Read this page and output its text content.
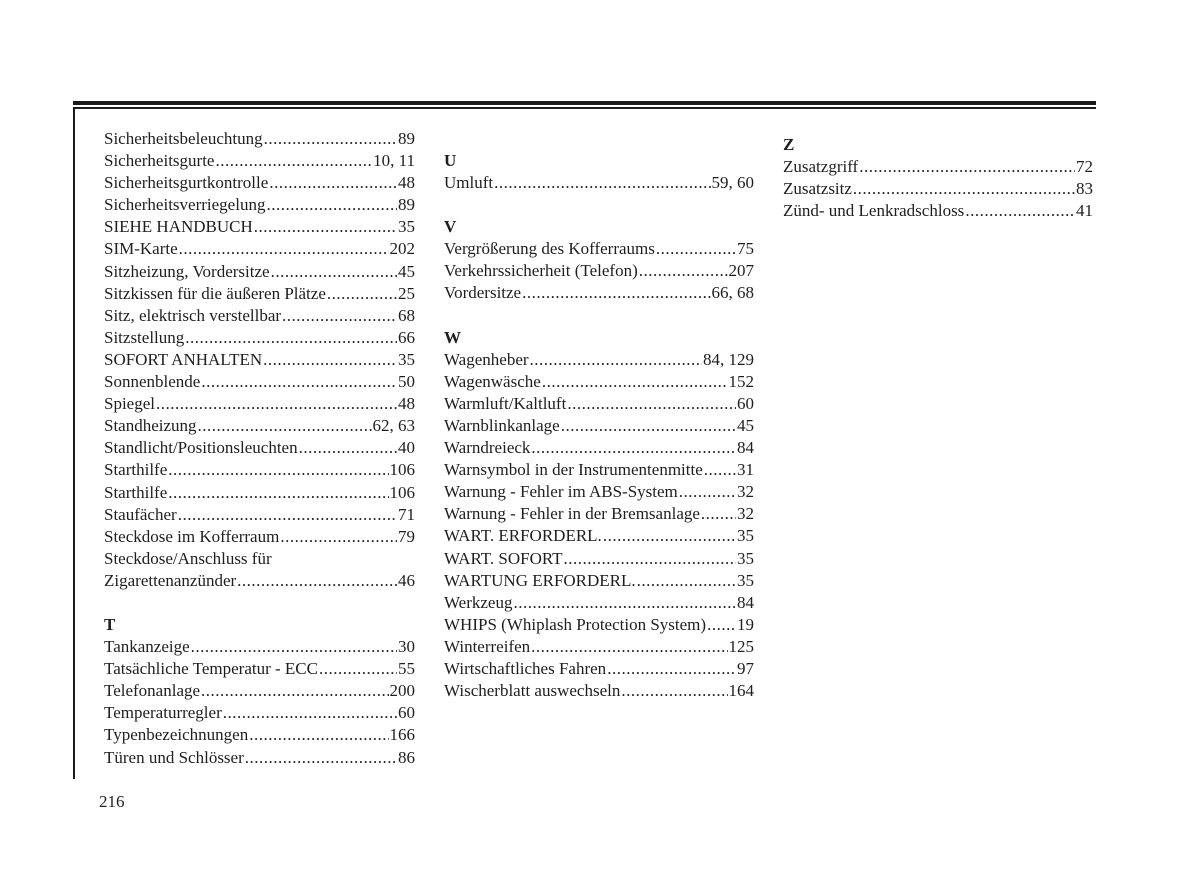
Sicherheitsbeleuchtung .....	89
Sicherheitsgurte .....	10, 11
Sicherheitsgurtkontrolle .....	48
Sicherheitsverriegelung .....	89
SIEHE HANDBUCH .....	35
SIM-Karte .....	202
Sitzheizung, Vordersitze .....	45
Sitzkissen für die äußeren Plätze .....	25
Sitz, elektrisch verstellbar .....	68
Sitzstellung .....	66
SOFORT ANHALTEN .....	35
Sonnenblende .....	50
Spiegel .....	48
Standheizung .....	62, 63
Standlicht/Positionsleuchten .....	40
Starthilfe .....	106
Starthilfe .....	106
Staufächer .....	71
Steckdose im Kofferraum .....	79
Steckdose/Anschluss für
Zigarettenanzünder .....	46
T
Tankanzeige .....	30
Tatsächliche Temperatur - ECC .....	55
Telefonanlage .....	200
Temperaturregler .....	60
Typenbezeichnungen .....	166
Türen und Schlösser .....	86
U
Umluft .....	59, 60
V
Vergrößerung des Kofferraums .....	75
Verkehrssicherheit (Telefon) .....	207
Vordersitze .....	66, 68
W
Wagenheber .....	84, 129
Wagenwäsche .....	152
Warmluft/Kaltluft .....	60
Warnblinkanlage .....	45
Warndreieck .....	84
Warnsymbol in der Instrumentenmitte ..... 31
Warnung - Fehler im ABS-System .....	32
Warnung - Fehler in der Bremsanlage ..... 32
WART. ERFORDERL. .....	35
WART. SOFORT .....	35
WARTUNG ERFORDERL. .....	35
Werkzeug .....	84
WHIPS (Whiplash Protection System) ..... 19
Winterreifen .....	125
Wirtschaftliches Fahren .....	97
Wischerblatt auswechseln .....	164
Z
Zusatzgriff .....	72
Zusatzsitz .....	83
Zünd- und Lenkradschloss .....	41
216
